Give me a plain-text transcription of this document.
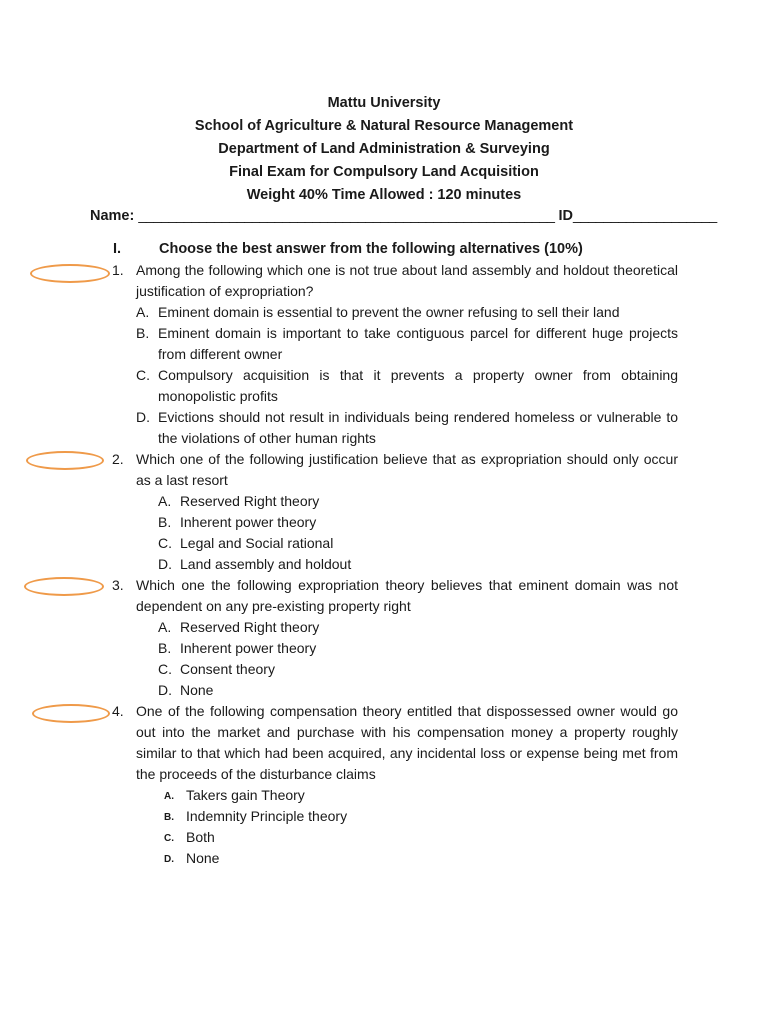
Mattu University
School of Agriculture & Natural Resource Management
Department of Land Administration & Surveying
Final Exam for Compulsory Land Acquisition
Weight 40% Time Allowed : 120 minutes
Name: _______________________________________________________ ID___________________
I.	Choose the best answer from the following alternatives (10%)
1. Among the following which one is not true about land assembly and holdout theoretical justification of expropriation?
A. Eminent domain is essential to prevent the owner refusing to sell their land
B. Eminent domain is important to take contiguous parcel for different huge projects from different owner
C. Compulsory acquisition is that it prevents a property owner from obtaining monopolistic profits
D. Evictions should not result in individuals being rendered homeless or vulnerable to the violations of other human rights
2. Which one of the following justification believe that as expropriation should only occur as a last resort
A. Reserved Right theory
B. Inherent power theory
C. Legal and Social rational
D. Land assembly and holdout
3. Which one the following expropriation theory believes that eminent domain was not dependent on any pre-existing property right
A. Reserved Right theory
B. Inherent power theory
C. Consent theory
D. None
4. One of the following compensation theory entitled that dispossessed owner would go out into the market and purchase with his compensation money a property roughly similar to that which had been acquired, any incidental loss or expense being met from the proceeds of the disturbance claims
A. Takers gain Theory
B. Indemnity Principle theory
C. Both
D. None
